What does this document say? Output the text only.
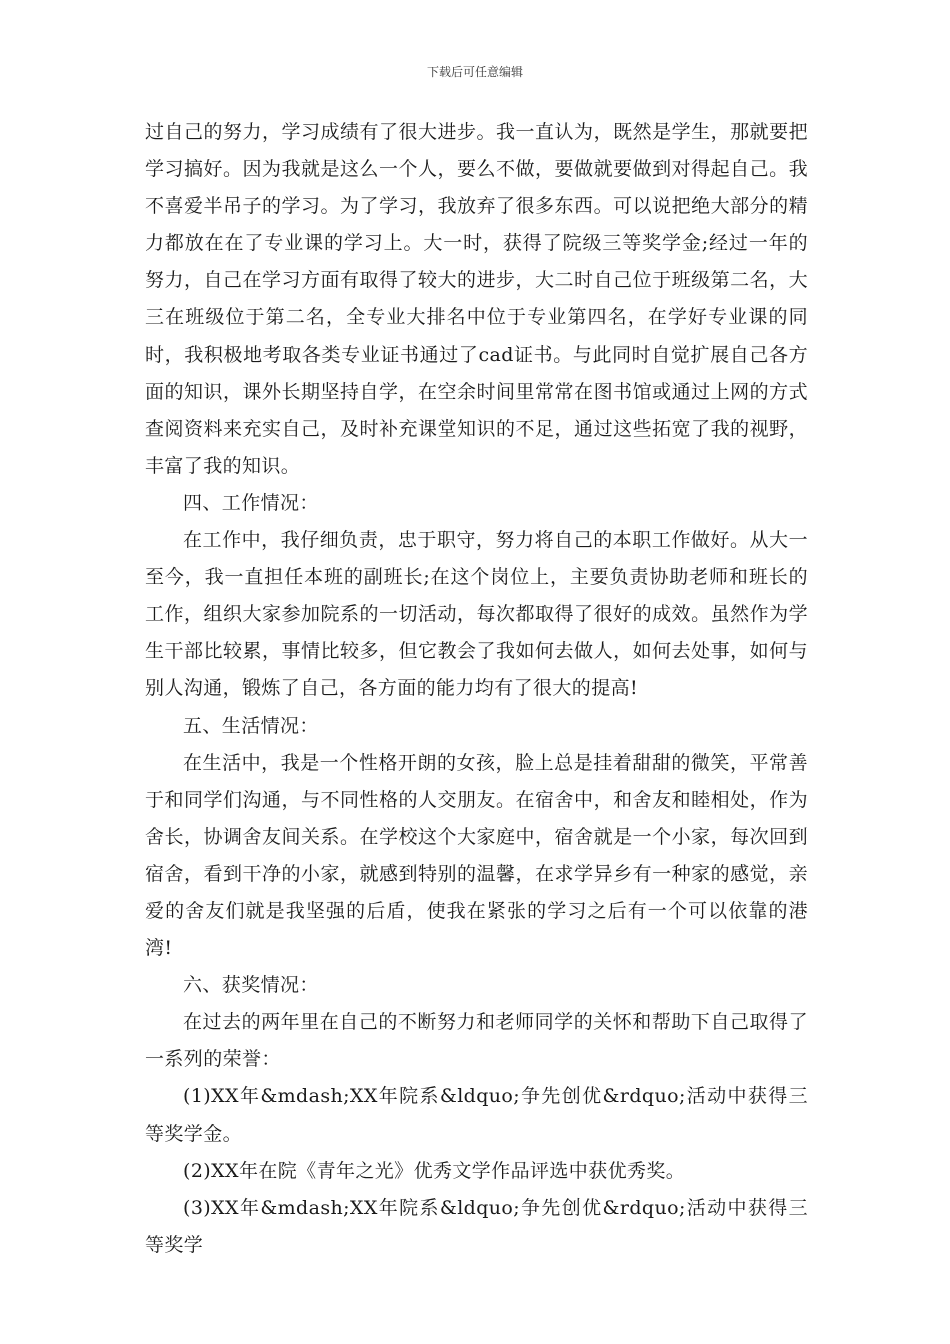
下载后可任意编辑

过自己的努力，学习成绩有了很大进步。我一直认为，既然是学生，那就要把学习搞好。因为我就是这么一个人，要么不做，要做就要做到对得起自己。我不喜爱半吊子的学习。为了学习，我放弃了很多东西。可以说把绝大部分的精力都放在在了专业课的学习上。大一时，获得了院级三等奖学金;经过一年的努力，自己在学习方面有取得了较大的进步，大二时自己位于班级第二名，大三在班级位于第二名，全专业大排名中位于专业第四名，在学好专业课的同时，我积极地考取各类专业证书通过了cad证书。与此同时自觉扩展自己各方面的知识，课外长期坚持自学，在空余时间里常常在图书馆或通过上网的方式查阅资料来充实自己，及时补充课堂知识的不足，通过这些拓宽了我的视野，丰富了我的知识。

四、工作情况：

在工作中，我仔细负责，忠于职守，努力将自己的本职工作做好。从大一至今，我一直担任本班的副班长;在这个岗位上，主要负责协助老师和班长的工作，组织大家参加院系的一切活动，每次都取得了很好的成效。虽然作为学生干部比较累，事情比较多，但它教会了我如何去做人，如何去处事，如何与别人沟通，锻炼了自己，各方面的能力均有了很大的提高!

五、生活情况：

在生活中，我是一个性格开朗的女孩，脸上总是挂着甜甜的微笑，平常善于和同学们沟通，与不同性格的人交朋友。在宿舍中，和舍友和睦相处，作为舍长，协调舍友间关系。在学校这个大家庭中，宿舍就是一个小家，每次回到宿舍，看到干净的小家，就感到特别的温馨，在求学异乡有一种家的感觉，亲爱的舍友们就是我坚强的后盾，使我在紧张的学习之后有一个可以依靠的港湾!

六、获奖情况：

在过去的两年里在自己的不断努力和老师同学的关怀和帮助下自己取得了一系列的荣誉：

(1)XX年&mdash;XX年院系&ldquo;争先创优&rdquo;活动中获得三等奖学金。

(2)XX年在院《青年之光》优秀文学作品评选中获优秀奖。

(3)XX年&mdash;XX年院系&ldquo;争先创优&rdquo;活动中获得三等奖学
